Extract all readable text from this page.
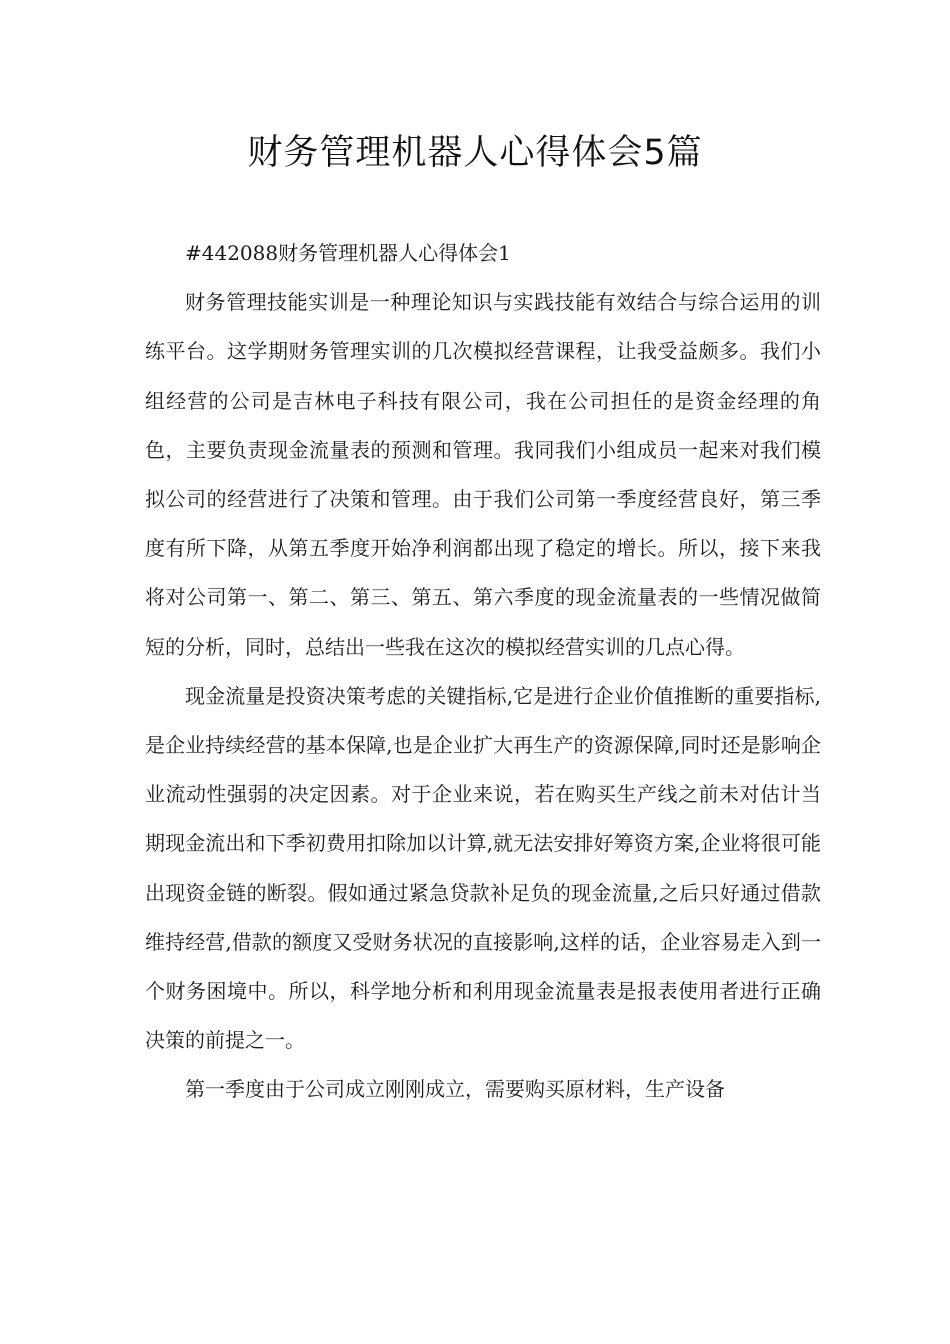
财务管理机器人心得体会5篇

#442088财务管理机器人心得体会1

财务管理技能实训是一种理论知识与实践技能有效结合与综合运用的训练平台。这学期财务管理实训的几次模拟经营课程，让我受益颇多。我们小组经营的公司是吉林电子科技有限公司，我在公司担任的是资金经理的角色，主要负责现金流量表的预测和管理。我同我们小组成员一起来对我们模拟公司的经营进行了决策和管理。由于我们公司第一季度经营良好，第三季度有所下降，从第五季度开始净利润都出现了稳定的增长。所以，接下来我将对公司第一、第二、第三、第五、第六季度的现金流量表的一些情况做简短的分析，同时，总结出一些我在这次的模拟经营实训的几点心得。

现金流量是投资决策考虑的关键指标,它是进行企业价值推断的重要指标,是企业持续经营的基本保障,也是企业扩大再生产的资源保障,同时还是影响企业流动性强弱的决定因素。对于企业来说，若在购买生产线之前未对估计当期现金流出和下季初费用扣除加以计算,就无法安排好筹资方案,企业将很可能出现资金链的断裂。假如通过紧急贷款补足负的现金流量,之后只好通过借款维持经营,借款的额度又受财务状况的直接影响,这样的话，企业容易走入到一个财务困境中。所以，科学地分析和利用现金流量表是报表使用者进行正确决策的前提之一。

第一季度由于公司成立刚刚成立，需要购买原材料，生产设备
